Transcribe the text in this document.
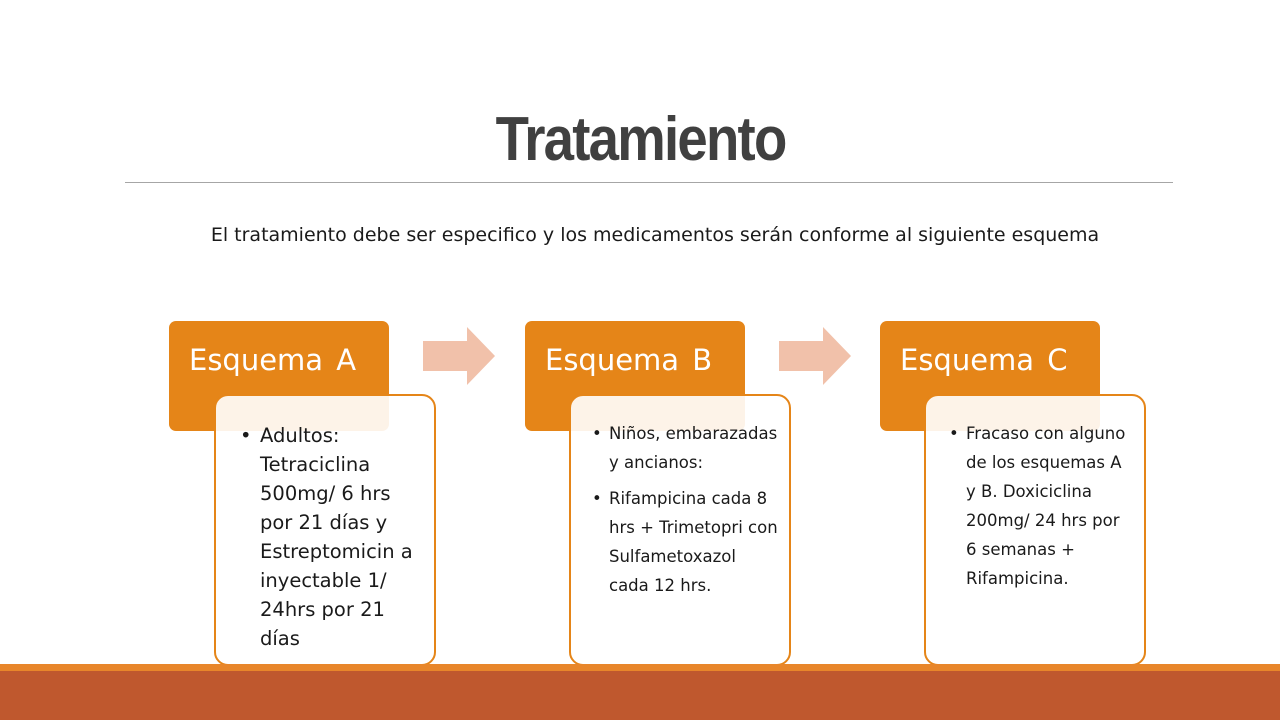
Tratamiento
El tratamiento debe ser especifico y los medicamentos serán conforme al siguiente esquema
Esquema A
• Adultos: Tetraciclina 500mg/ 6 hrs por 21 días y Estreptomicin a inyectable 1/ 24hrs por 21 días
Esquema B
• Niños, embarazadas y ancianos:
• Rifampicina cada 8 hrs + Trimetopri con Sulfametoxazol cada 12 hrs.
Esquema C
• Fracaso con alguno de los esquemas A y B. Doxiciclina 200mg/ 24 hrs por 6 semanas + Rifampicina.
